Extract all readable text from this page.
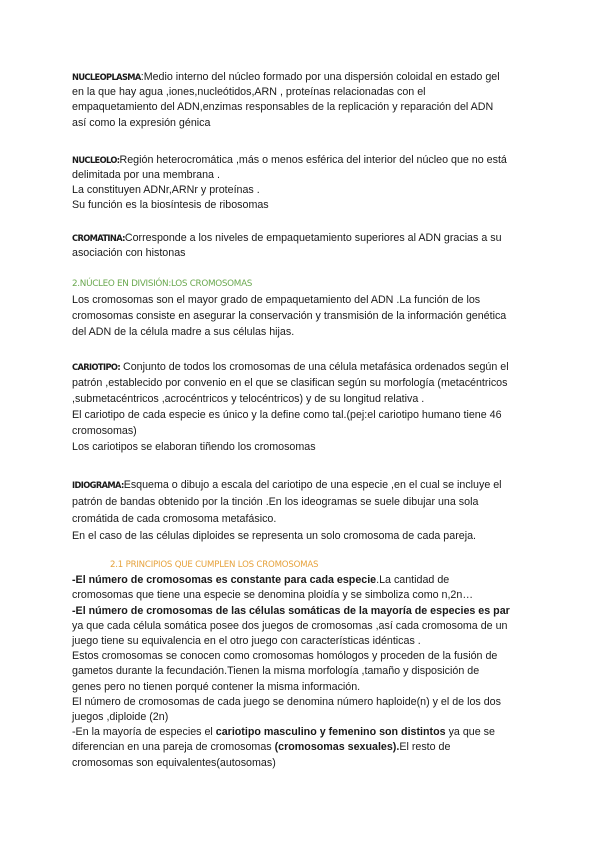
NUCLEOPLASMA:Medio interno del núcleo formado por una dispersión coloidal en estado gel

en la que hay agua ,iones,nucleótidos,ARN , proteínas relacionadas con el

empaquetamiento del ADN,enzimas responsables de la replicación y reparación del ADN

así como la expresión génica

NUCLEOLO:Región heterocromática ,más o menos esférica del interior del núcleo que no está

delimitada por una membrana .

La constituyen ADNr,ARNr y proteínas .

Su función es la biosíntesis de ribosomas

CROMATINA:Corresponde a los niveles de empaquetamiento superiores al ADN gracias a su

asociación con histonas

2.NÚCLEO EN DIVISIÓN:LOS CROMOSOMAS

Los cromosomas son el mayor grado de empaquetamiento del ADN .La función de los

cromosomas consiste en asegurar la conservación y transmisión de la información genética

del ADN de la célula madre a sus células hijas.

CARIOTIPO: Conjunto de todos los cromosomas de una célula metafásica ordenados según el

patrón ,establecido por convenio en el que se clasifican según su morfología (metacéntricos

,submetacéntricos ,acrocéntricos y telocéntricos) y de su longitud relativa .

El cariotipo de cada especie es único y la define como tal.(pej:el cariotipo humano tiene 46

cromosomas)

Los cariotipos se elaboran tiñendo los cromosomas

IDIOGRAMA:Esquema o dibujo a escala del cariotipo de una especie ,en el cual se incluye el

patrón de bandas obtenido por la tinción .En los ideogramas se suele dibujar una sola

cromátida de cada cromosoma metafásico.

En el caso de las células diploides se representa un solo cromosoma de cada pareja.

2.1 PRINCIPIOS QUE CUMPLEN LOS CROMOSOMAS

-El número de cromosomas es constante para cada especie.La cantidad de

cromosomas que tiene una especie se denomina ploidía y se simboliza como n,2n…

-El número de cromosomas de las células somáticas de la mayoría de especies es par

ya que cada célula somática posee dos juegos de cromosomas ,así cada cromosoma de un

juego tiene su equivalencia en el otro juego con características idénticas .

Estos cromosomas se conocen como cromosomas homólogos y proceden de la fusión de

gametos durante la fecundación.Tienen la misma morfología ,tamaño y disposición de

genes pero no tienen porqué contener la misma información.

El número de cromosomas de cada juego se denomina número haploide(n) y el de los dos

juegos ,diploide (2n)

-En la mayoría de especies el cariotipo masculino y femenino son distintos ya que se

diferencian en una pareja de cromosomas (cromosomas sexuales).El resto de

cromosomas son equivalentes(autosomas)
